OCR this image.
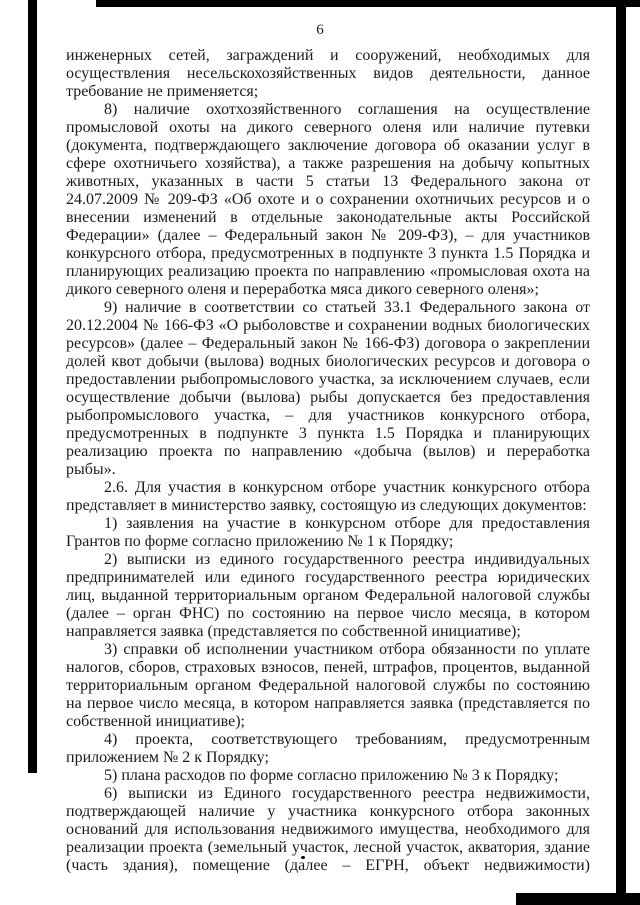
6

инженерных сетей, заграждений и сооружений, необходимых для осуществления несельскохозяйственных видов деятельности, данное требование не применяется;

8) наличие охотхозяйственного соглашения на осуществление промысловой охоты на дикого северного оленя или наличие путевки (документа, подтверждающего заключение договора об оказании услуг в сфере охотничьего хозяйства), а также разрешения на добычу копытных животных, указанных в части 5 статьи 13 Федерального закона от 24.07.2009 № 209-ФЗ «Об охоте и о сохранении охотничьих ресурсов и о внесении изменений в отдельные законодательные акты Российской Федерации» (далее – Федеральный закон № 209-ФЗ), – для участников конкурсного отбора, предусмотренных в подпункте 3 пункта 1.5 Порядка и планирующих реализацию проекта по направлению «промысловая охота на дикого северного оленя и переработка мяса дикого северного оленя»;

9) наличие в соответствии со статьей 33.1 Федерального закона от 20.12.2004 № 166-ФЗ «О рыболовстве и сохранении водных биологических ресурсов» (далее – Федеральный закон № 166-ФЗ) договора о закреплении долей квот добычи (вылова) водных биологических ресурсов и договора о предоставлении рыбопромыслового участка, за исключением случаев, если осуществление добычи (вылова) рыбы допускается без предоставления рыбопромыслового участка, – для участников конкурсного отбора, предусмотренных в подпункте 3 пункта 1.5 Порядка и планирующих реализацию проекта по направлению «добыча (вылов) и переработка рыбы».

2.6. Для участия в конкурсном отборе участник конкурсного отбора представляет в министерство заявку, состоящую из следующих документов:

1) заявления на участие в конкурсном отборе для предоставления Грантов по форме согласно приложению № 1 к Порядку;

2) выписки из единого государственного реестра индивидуальных предпринимателей или единого государственного реестра юридических лиц, выданной территориальным органом Федеральной налоговой службы (далее – орган ФНС) по состоянию на первое число месяца, в котором направляется заявка (представляется по собственной инициативе);

3) справки об исполнении участником отбора обязанности по уплате налогов, сборов, страховых взносов, пеней, штрафов, процентов, выданной территориальным органом Федеральной налоговой службы по состоянию на первое число месяца, в котором направляется заявка (представляется по собственной инициативе);

4) проекта, соответствующего требованиям, предусмотренным приложением № 2 к Порядку;

5) плана расходов по форме согласно приложению № 3 к Порядку;

6) выписки из Единого государственного реестра недвижимости, подтверждающей наличие у участника конкурсного отбора законных оснований для использования недвижимого имущества, необходимого для реализации проекта (земельный участок, лесной участок, акватория, здание (часть здания), помещение (далее – ЕГРН, объект недвижимости)
